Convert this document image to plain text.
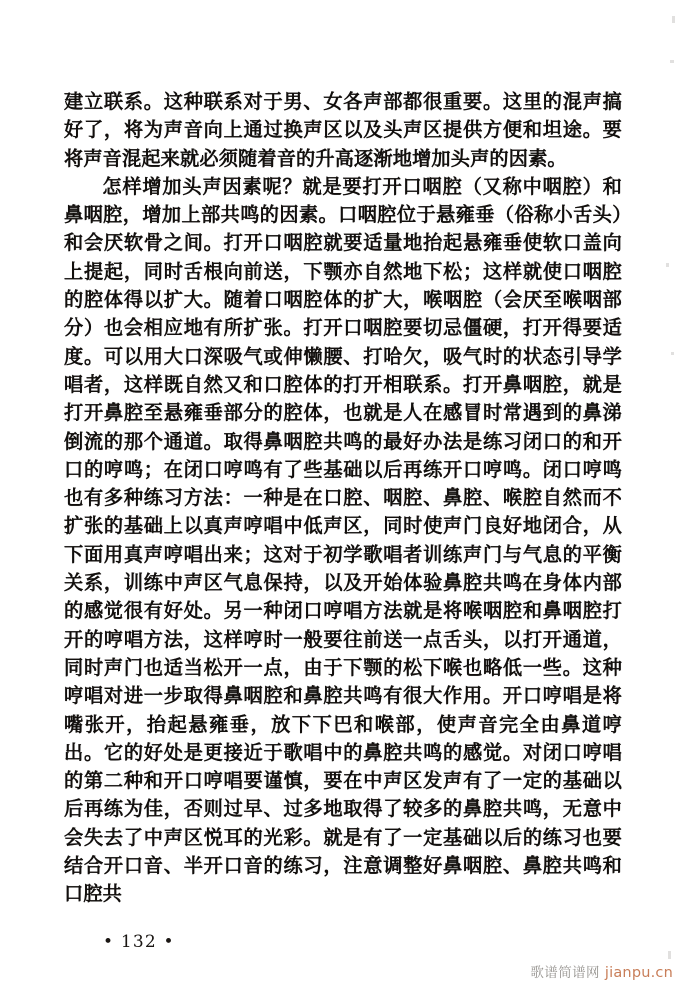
建立联系。这种联系对于男、女各声部都很重要。这里的混声搞好了，将为声音向上通过换声区以及头声区提供方便和坦途。要将声音混起来就必须随着音的升高逐渐地增加头声的因素。

怎样增加头声因素呢？就是要打开口咽腔（又称中咽腔）和鼻咽腔，增加上部共鸣的因素。口咽腔位于悬雍垂（俗称小舌头）和会厌软骨之间。打开口咽腔就要适量地抬起悬雍垂使软口盖向上提起，同时舌根向前送，下颚亦自然地下松；这样就使口咽腔的腔体得以扩大。随着口咽腔体的扩大，喉咽腔（会厌至喉咽部分）也会相应地有所扩张。打开口咽腔要切忌僵硬，打开得要适度。可以用大口深吸气或伸懒腰、打哈欠，吸气时的状态引导学唱者，这样既自然又和口腔体的打开相联系。打开鼻咽腔，就是打开鼻腔至悬雍垂部分的腔体，也就是人在感冒时常遇到的鼻涕倒流的那个通道。取得鼻咽腔共鸣的最好办法是练习闭口的和开口的哼鸣；在闭口哼鸣有了些基础以后再练开口哼鸣。闭口哼鸣也有多种练习方法：一种是在口腔、咽腔、鼻腔、喉腔自然而不扩张的基础上以真声哼唱中低声区，同时使声门良好地闭合，从下面用真声哼唱出来；这对于初学歌唱者训练声门与气息的平衡关系，训练中声区气息保持，以及开始体验鼻腔共鸣在身体内部的感觉很有好处。另一种闭口哼唱方法就是将喉咽腔和鼻咽腔打开的哼唱方法，这样哼时一般要往前送一点舌头，以打开通道，同时声门也适当松开一点，由于下颚的松下喉也略低一些。这种哼唱对进一步取得鼻咽腔和鼻腔共鸣有很大作用。开口哼唱是将嘴张开，抬起悬雍垂，放下下巴和喉部，使声音完全由鼻道哼出。它的好处是更接近于歌唱中的鼻腔共鸣的感觉。对闭口哼唱的第二种和开口哼唱要谨慎，要在中声区发声有了一定的基础以后再练为佳，否则过早、过多地取得了较多的鼻腔共鸣，无意中会失去了中声区悦耳的光彩。就是有了一定基础以后的练习也要结合开口音、半开口音的练习，注意调整好鼻咽腔、鼻腔共鸣和口腔共

• 132 •
歌谱简谱网 jianpu.cn
